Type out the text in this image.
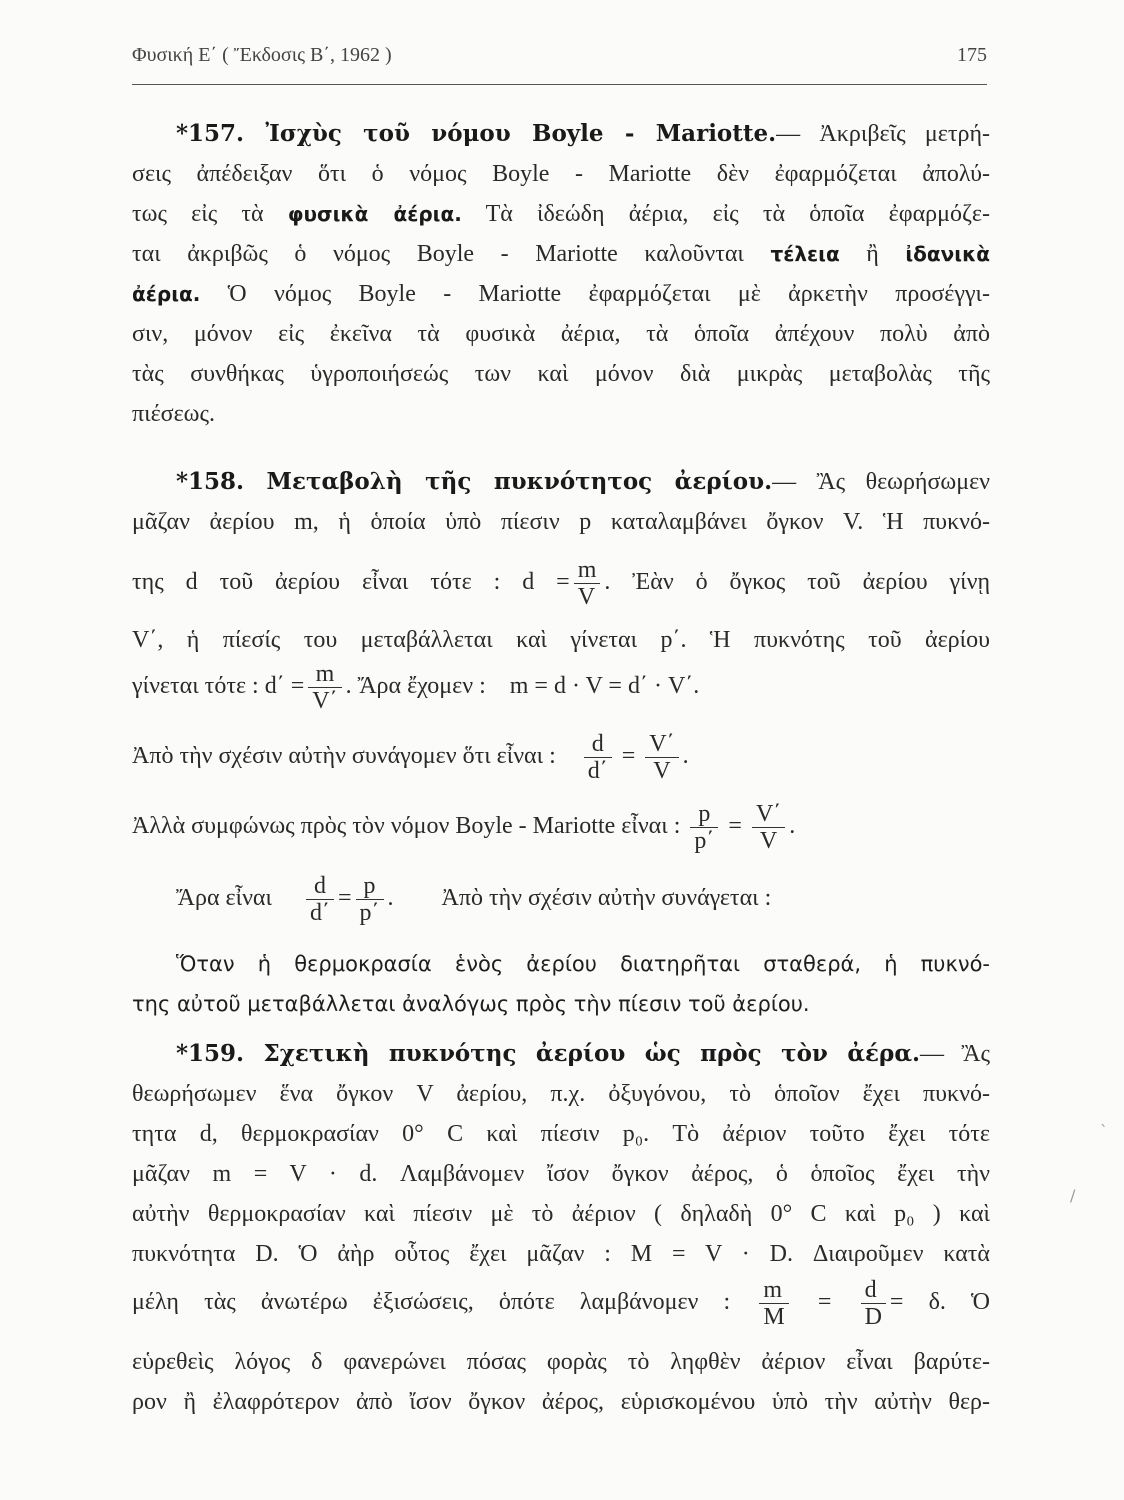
Φυσική Ε΄ ( Ἔκδοσις Β΄, 1962 )	175
*157. Ἰσχὺς τοῦ νόμου Boyle - Mariotte.— Ἀκριβεῖς μετρή-
σεις ἀπέδειξαν ὅτι ὁ νόμος Boyle - Mariotte δὲν ἐφαρμόζεται ἀπολύ-
τως εἰς τὰ φυσικὰ ἀέρια. Τὰ ἰδεώδη ἀέρια, εἰς τὰ ὁποῖα ἐφαρμόζε-
ται ἀκριβῶς ὁ νόμος Boyle - Mariotte καλοῦνται τέλεια ἢ ἰδανικὰ
ἀέρια. Ὁ νόμος Boyle - Mariotte ἐφαρμόζεται μὲ ἀρκετὴν προσέγγι-
σιν, μόνον εἰς ἐκεῖνα τὰ φυσικὰ ἀέρια, τὰ ὁποῖα ἀπέχουν πολὺ ἀπὸ
τὰς συνθήκας ὑγροποιήσεώς των καὶ μόνον διὰ μικρὰς μεταβολὰς τῆς
πιέσεως.
*158. Μεταβολὴ τῆς πυκνότητος ἀερίου.— Ἂς θεωρήσωμεν
μᾶζαν ἀερίου m, ἡ ὁποία ὑπὸ πίεσιν p καταλαμβάνει ὄγκον V. Ἡ πυκνό-
της d τοῦ ἀερίου εἶναι τότε : $d = \frac{m}{V}$ . Ἐὰν ὁ ὄγκος τοῦ ἀερίου γίνῃ
V΄, ἡ πίεσίς του μεταβάλλεται καὶ γίνεται p΄. Ἡ πυκνότης τοῦ ἀερίου
γίνεται τότε : $d΄ = \frac{m}{V΄}$ . Ἄρα ἔχομεν : m = d · V = d΄ · V΄.
Ἀπὸ τὴν σχέσιν αὐτὴν συνάγομεν ὅτι εἶναι : $\frac{d}{d΄} = \frac{V΄}{V}$ .
Ἀλλὰ συμφώνως πρὸς τὸν νόμον Boyle - Mariotte εἶναι : $\frac{p}{p΄} = \frac{V΄}{V}$ .
Ἄρα εἶναι $\frac{d}{d΄} = \frac{p}{p΄}$ . Ἀπὸ τὴν σχέσιν αὐτὴν συνάγεται :
Ὅταν ἡ θερμοκρασία ἑνὸς ἀερίου διατηρῆται σταθερά, ἡ πυκνό-
της αὐτοῦ μεταβάλλεται ἀναλόγως πρὸς τὴν πίεσιν τοῦ ἀερίου.
*159. Σχετικὴ πυκνότης ἀερίου ὡς πρὸς τὸν ἀέρα.— Ἂς
θεωρήσωμεν ἕνα ὄγκον V ἀερίου, π.χ. ὀξυγόνου, τὸ ὁποῖον ἔχει πυκνό-
τητα d, θερμοκρασίαν 0° C καὶ πίεσιν p₀. Τὸ ἀέριον τοῦτο ἔχει τότε
μᾶζαν m = V · d. Λαμβάνομεν ἴσον ὄγκον ἀέρος, ὁ ὁποῖος ἔχει τὴν
αὐτὴν θερμοκρασίαν καὶ πίεσιν μὲ τὸ ἀέριον ( δηλαδὴ 0° C καὶ p₀ ) καὶ
πυκνότητα D. Ὁ ἀὴρ οὗτος ἔχει μᾶζαν : M = V · D. Διαιροῦμεν κατὰ
μέλη τὰς ἀνωτέρω ἐξισώσεις, ὁπότε λαμβάνομεν : $\frac{m}{M} = \frac{d}{D} = \delta$. Ὁ
εὑρεθεὶς λόγος δ φανερώνει πόσας φορὰς τὸ ληφθὲν ἀέριον εἶναι βαρύτε-
ρον ἢ ἐλαφρότερον ἀπὸ ἴσον ὄγκον ἀέρος, εὑρισκομένου ὑπὸ τὴν αὐτὴν θερ-
`
/
